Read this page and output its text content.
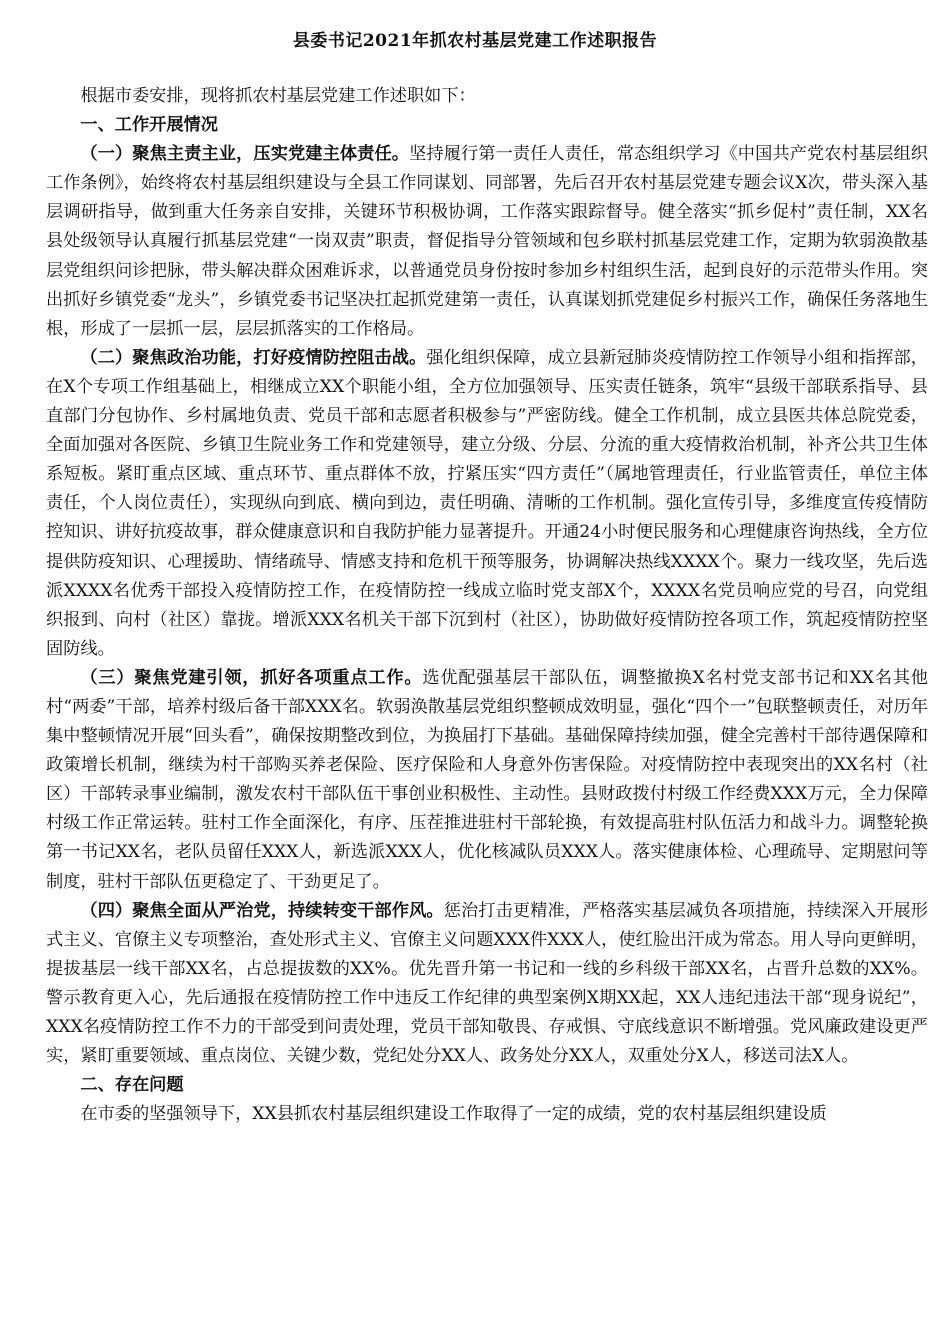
县委书记2021年抓农村基层党建工作述职报告

根据市委安排，现将抓农村基层党建工作述职如下：

一、工作开展情况

（一）聚焦主责主业，压实党建主体责任。坚持履行第一责任人责任，常态组织学习《中国共产党农村基层组织工作条例》，始终将农村基层组织建设与全县工作同谋划、同部署，先后召开农村基层党建专题会议X次，带头深入基层调研指导，做到重大任务亲自安排，关键环节积极协调，工作落实跟踪督导。健全落实“抓乡促村”责任制，XX名县处级领导认真履行抓基层党建“一岗双责”职责，督促指导分管领域和包乡联村抓基层党建工作，定期为软弱涣散基层党组织问诊把脉，带头解决群众困难诉求，以普通党员身份按时参加乡村组织生活，起到良好的示范带头作用。突出抓好乡镇党委“龙头”，乡镇党委书记坚决扛起抓党建第一责任，认真谋划抓党建促乡村振兴工作，确保任务落地生根，形成了一层抓一层，层层抓落实的工作格局。

（二）聚焦政治功能，打好疫情防控阻击战。强化组织保障，成立县新冠肺炎疫情防控工作领导小组和指挥部，在X个专项工作组基础上，相继成立XX个职能小组，全方位加强领导、压实责任链条，筑牢“县级干部联系指导、县直部门分包协作、乡村属地负责、党员干部和志愿者积极参与”严密防线。健全工作机制，成立县医共体总院党委，全面加强对各医院、乡镇卫生院业务工作和党建领导，建立分级、分层、分流的重大疫情救治机制，补齐公共卫生体系短板。紧盯重点区域、重点环节、重点群体不放，拧紧压实“四方责任”（属地管理责任，行业监管责任，单位主体责任，个人岗位责任），实现纵向到底、横向到边，责任明确、清晰的工作机制。强化宣传引导，多维度宣传疫情防控知识、讲好抗疫故事，群众健康意识和自我防护能力显著提升。开通24小时便民服务和心理健康咨询热线，全方位提供防疫知识、心理援助、情绪疏导、情感支持和危机干预等服务，协调解决热线XXXX个。聚力一线攻坚，先后选派XXXX名优秀干部投入疫情防控工作，在疫情防控一线成立临时党支部X个，XXXX名党员响应党的号召，向党组织报到、向村（社区）靠拢。增派XXX名机关干部下沉到村（社区），协助做好疫情防控各项工作，筑起疫情防控坚固防线。

（三）聚焦党建引领，抓好各项重点工作。选优配强基层干部队伍，调整撤换X名村党支部书记和XX名其他村“两委”干部，培养村级后备干部XXX名。软弱涣散基层党组织整顿成效明显，强化“四个一”包联整顿责任，对历年集中整顿情况开展“回头看”，确保按期整改到位，为换届打下基础。基础保障持续加强，健全完善村干部待遇保障和政策增长机制，继续为村干部购买养老保险、医疗保险和人身意外伤害保险。对疫情防控中表现突出的XX名村（社区）干部转录事业编制，激发农村干部队伍干事创业积极性、主动性。县财政拨付村级工作经费XXX万元，全力保障村级工作正常运转。驻村工作全面深化，有序、压茬推进驻村干部轮换，有效提高驻村队伍活力和战斗力。调整轮换第一书记XX名，老队员留任XXX人，新选派XXX人，优化核减队员XXX人。落实健康体检、心理疏导、定期慰问等制度，驻村干部队伍更稳定了、干劲更足了。

（四）聚焦全面从严治党，持续转变干部作风。惩治打击更精准，严格落实基层减负各项措施，持续深入开展形式主义、官僚主义专项整治，查处形式主义、官僚主义问题XXX件XXX人，使红脸出汗成为常态。用人导向更鲜明，提拔基层一线干部XX名，占总提拔数的XX%。优先晋升第一书记和一线的乡科级干部XX名，占晋升总数的XX%。警示教育更入心，先后通报在疫情防控工作中违反工作纪律的典型案例X期XX起，XX人违纪违法干部“现身说纪”，XXX名疫情防控工作不力的干部受到问责处理，党员干部知敬畏、存戒惧、守底线意识不断增强。党风廉政建设更严实，紧盯重要领域、重点岗位、关键少数，党纪处分XX人、政务处分XX人，双重处分X人，移送司法X人。

二、存在问题

在市委的坚强领导下，XX县抓农村基层组织建设工作取得了一定的成绩，党的农村基层组织建设质
